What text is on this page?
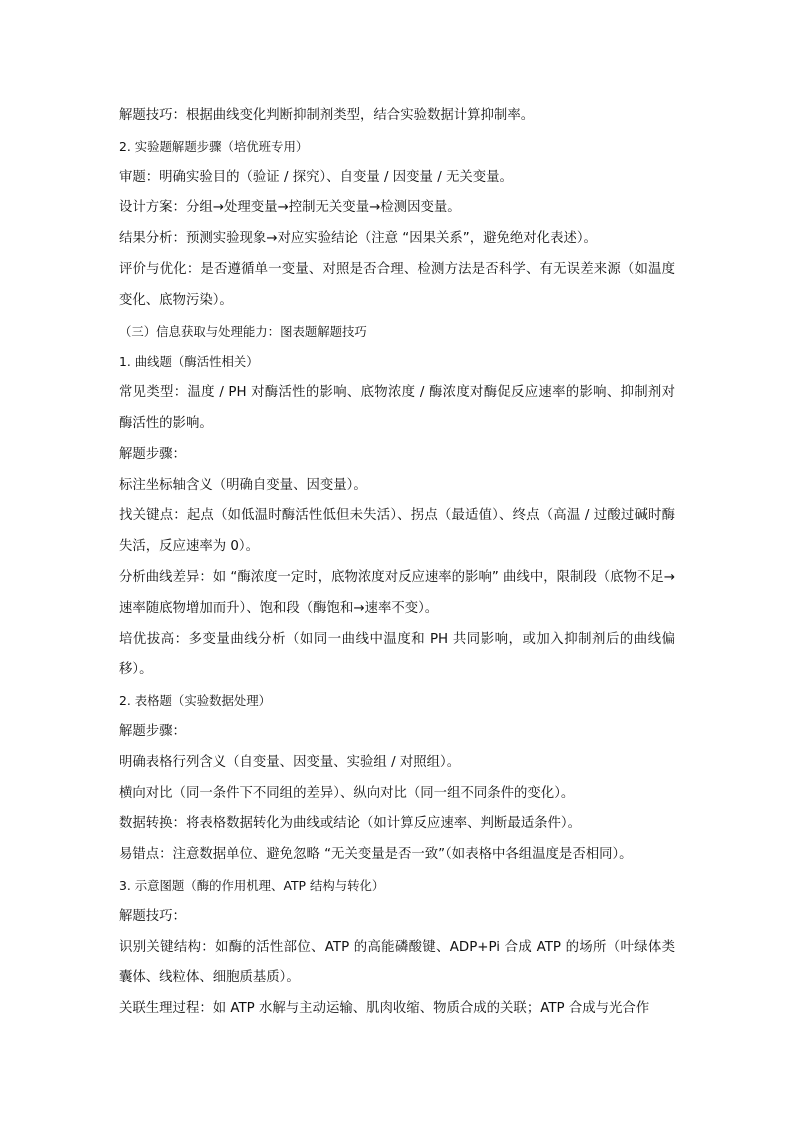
解题技巧：根据曲线变化判断抑制剂类型，结合实验数据计算抑制率。

2. 实验题解题步骤（培优班专用）

审题：明确实验目的（验证 / 探究）、自变量 / 因变量 / 无关变量。

设计方案：分组→处理变量→控制无关变量→检测因变量。

结果分析：预测实验现象→对应实验结论（注意 “因果关系”，避免绝对化表述）。

评价与优化：是否遵循单一变量、对照是否合理、检测方法是否科学、有无误差来源（如温度变化、底物污染）。

（三）信息获取与处理能力：图表题解题技巧

1. 曲线题（酶活性相关）

常见类型：温度 / PH 对酶活性的影响、底物浓度 / 酶浓度对酶促反应速率的影响、抑制剂对酶活性的影响。

解题步骤：

标注坐标轴含义（明确自变量、因变量）。

找关键点：起点（如低温时酶活性低但未失活）、拐点（最适值）、终点（高温 / 过酸过碱时酶失活，反应速率为 0）。

分析曲线差异：如 “酶浓度一定时，底物浓度对反应速率的影响” 曲线中，限制段（底物不足→速率随底物增加而升）、饱和段（酶饱和→速率不变）。

培优拔高：多变量曲线分析（如同一曲线中温度和 PH 共同影响，或加入抑制剂后的曲线偏移）。

2. 表格题（实验数据处理）

解题步骤：

明确表格行列含义（自变量、因变量、实验组 / 对照组）。

横向对比（同一条件下不同组的差异）、纵向对比（同一组不同条件的变化）。

数据转换：将表格数据转化为曲线或结论（如计算反应速率、判断最适条件）。

易错点：注意数据单位、避免忽略 “无关变量是否一致”（如表格中各组温度是否相同）。

3. 示意图题（酶的作用机理、ATP 结构与转化）

解题技巧：

识别关键结构：如酶的活性部位、ATP 的高能磷酸键、ADP+Pi 合成 ATP 的场所（叶绿体类囊体、线粒体、细胞质基质）。

关联生理过程：如 ATP 水解与主动运输、肌肉收缩、物质合成的关联；ATP 合成与光合作
